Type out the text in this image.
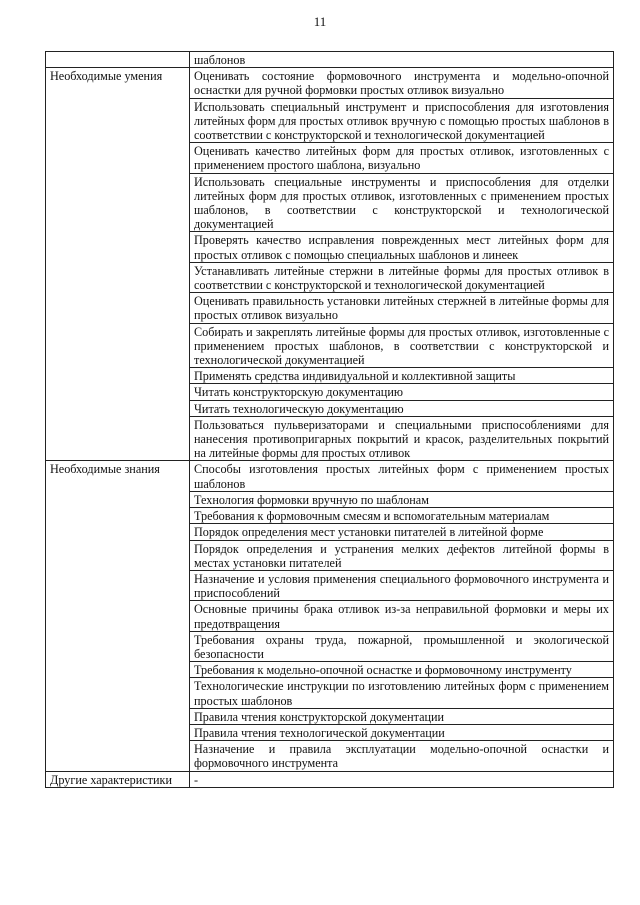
11
	шаблонов
Необходимые умения	Оценивать состояние формовочного инструмента и модельно-опочной оснастки для ручной формовки простых отливок визуально
	Использовать специальный инструмент и приспособления для изготовления литейных форм для простых отливок вручную с помощью простых шаблонов в соответствии с конструкторской и технологической документацией
	Оценивать качество литейных форм для простых отливок, изготовленных с применением простого шаблона, визуально
	Использовать специальные инструменты и приспособления для отделки литейных форм для простых отливок, изготовленных с применением простых шаблонов, в соответствии с конструкторской и технологической документацией
	Проверять качество исправления поврежденных мест литейных форм для простых отливок с помощью специальных шаблонов и линеек
	Устанавливать литейные стержни в литейные формы для простых отливок в соответствии с конструкторской и технологической документацией
	Оценивать правильность установки литейных стержней в литейные формы для простых отливок визуально
	Собирать и закреплять литейные формы для простых отливок, изготовленные с применением простых шаблонов, в соответствии с конструкторской и технологической документацией
	Применять средства индивидуальной и коллективной защиты
	Читать конструкторскую документацию
	Читать технологическую документацию
	Пользоваться пульверизаторами и специальными приспособлениями для нанесения противопригарных покрытий и красок, разделительных покрытий на литейные формы для простых отливок
Необходимые знания	Способы изготовления простых литейных форм с применением простых шаблонов
	Технология формовки вручную по шаблонам
	Требования к формовочным смесям и вспомогательным материалам
	Порядок определения мест установки питателей в литейной форме
	Порядок определения и устранения мелких дефектов литейной формы в местах установки питателей
	Назначение и условия применения специального формовочного инструмента и приспособлений
	Основные причины брака отливок из-за неправильной формовки и меры их предотвращения
	Требования охраны труда, пожарной, промышленной и экологической безопасности
	Требования к модельно-опочной оснастке и формовочному инструменту
	Технологические инструкции по изготовлению литейных форм с применением простых шаблонов
	Правила чтения конструкторской документации
	Правила чтения технологической документации
	Назначение и правила эксплуатации модельно-опочной оснастки и формовочного инструмента
Другие характеристики	-
